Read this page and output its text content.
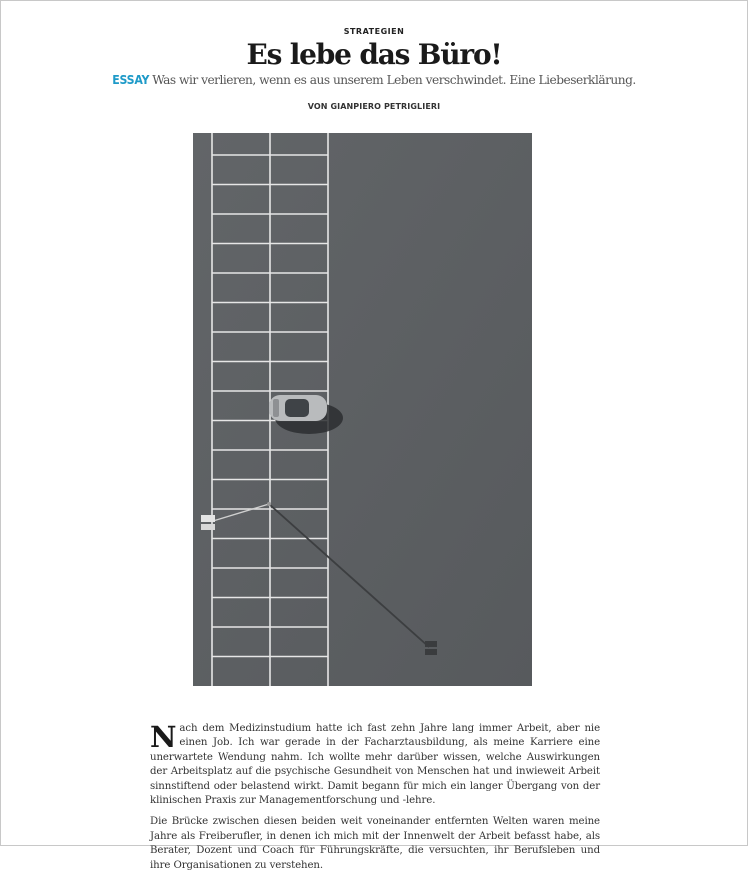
STRATEGIEN
Es lebe das Büro!
ESSAY Was wir verlieren, wenn es aus unserem Leben verschwindet. Eine Liebeserklärung.
VON GIANPIERO PETRIGLIERI

Nach dem Medizinstudium hatte ich fast zehn Jahre lang immer Arbeit, aber nie einen Job. Ich war gerade in der Facharztausbildung, als meine Karriere eine unerwartete Wendung nahm. Ich wollte mehr darüber wissen, welche Auswirkungen der Arbeitsplatz auf die psychische Gesundheit von Menschen hat und inwieweit Arbeit sinnstiftend oder belastend wirkt. Damit begann für mich ein langer Übergang von der klinischen Praxis zur Managementforschung und -lehre.

Die Brücke zwischen diesen beiden weit voneinander entfernten Welten waren meine Jahre als Freiberufler, in denen ich mich mit der Innenwelt der Arbeit befasst habe, als Berater, Dozent und Coach für Führungskräfte, die versuchten, ihr Berufsleben und ihre Organisationen zu verstehen.
